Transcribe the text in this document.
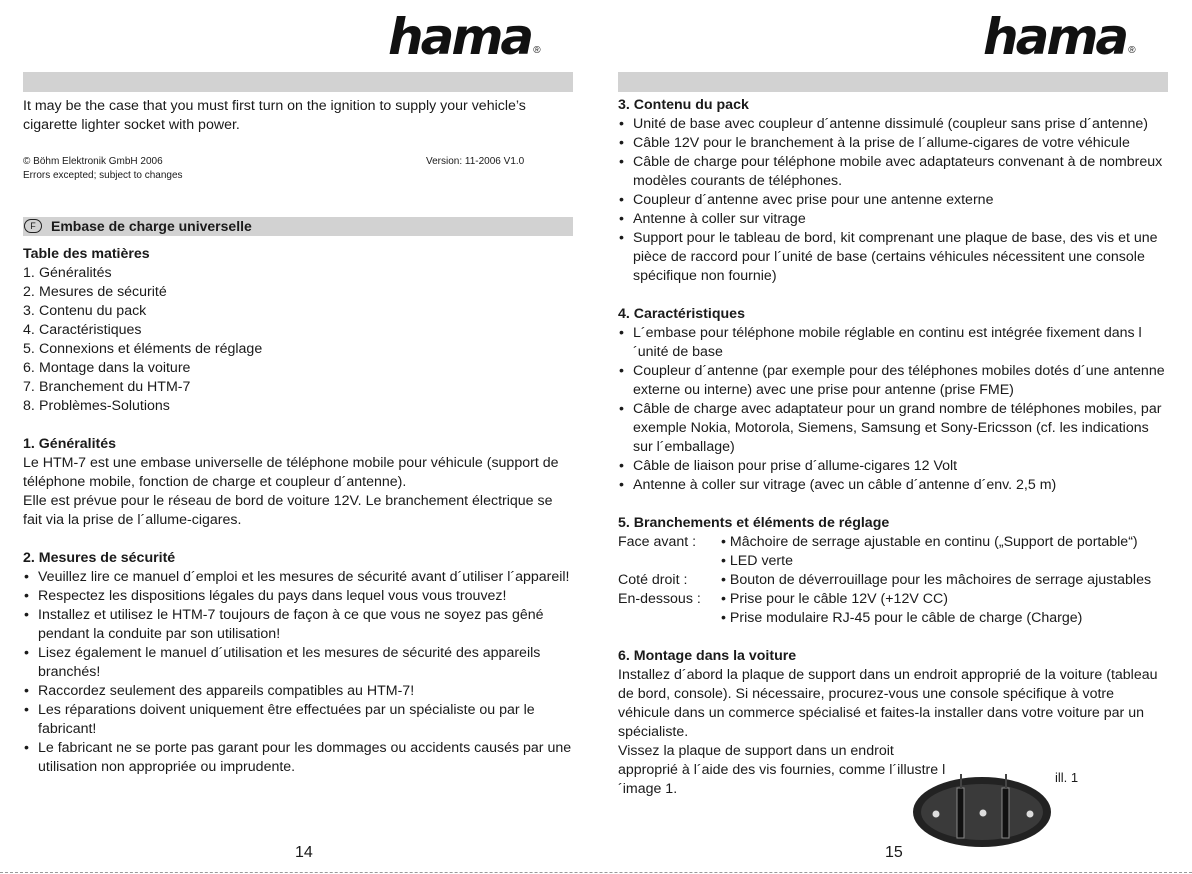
hama ®

It may be the case that you must first turn on the ignition to supply your vehicle’s cigarette lighter socket with power.

© Böhm Elektronik GmbH 2006	Version: 11-2006 V1.0
Errors excepted; subject to changes
F Embase de charge universelle

Table des matières

1. Généralités
2. Mesures de sécurité
3. Contenu du pack
4. Caractéristiques
5. Connexions et éléments de réglage
6. Montage dans la voiture
7. Branchement du HTM-7
8. Problèmes-Solutions

1. Généralités

Le HTM-7 est une embase universelle de téléphone mobile pour véhicule (support de téléphone mobile, fonction de charge et coupleur d´antenne).

Elle est prévue pour le réseau de bord de voiture 12V. Le branchement électrique se fait via la prise de l´allume-cigares.

2. Mesures de sécurité

• Veuillez lire ce manuel d´emploi et les mesures de sécurité avant d´utiliser l´appareil!
• Respectez les dispositions légales du pays dans lequel vous vous trouvez!
• Installez et utilisez le HTM-7 toujours de façon à ce que vous ne soyez pas gêné pendant la conduite par son utilisation!
• Lisez également le manuel d´utilisation et les mesures de sécurité des appareils branchés!
• Raccordez seulement des appareils compatibles au HTM-7!
• Les réparations doivent uniquement être effectuées par un spécialiste ou par le fabricant!
• Le fabricant ne se porte pas garant pour les dommages ou accidents causés par une utilisation non appropriée ou imprudente.
14
hama ®

3. Contenu du pack

• Unité de base avec coupleur d´antenne dissimulé (coupleur sans prise d´antenne)
• Câble 12V pour le branchement à la prise de l´allume-cigares de votre véhicule
• Câble de charge pour téléphone mobile avec adaptateurs convenant à de nombreux modèles courants de téléphones.
• Coupleur d´antenne avec prise pour une antenne externe
• Antenne à coller sur vitrage
• Support pour le tableau de bord, kit comprenant une plaque de base, des vis et une pièce de raccord pour l´unité de base (certains véhicules nécessitent une console spécifique non fournie)

4. Caractéristiques

• L´embase pour téléphone mobile réglable en continu est intégrée fixement dans l´unité de base
• Coupleur d´antenne (par exemple pour des téléphones mobiles dotés d´une antenne externe ou interne) avec une prise pour antenne (prise FME)
• Câble de charge avec adaptateur pour un grand nombre de téléphones mobiles, par exemple Nokia, Motorola, Siemens, Samsung et Sony-Ericsson (cf. les indications sur l´emballage)
• Câble de liaison pour prise d´allume-cigares 12 Volt
• Antenne à coller sur vitrage (avec un câble d´antenne d´env. 2,5 m)

5. Branchements et éléments de réglage

Face avant :	• Mâchoire de serrage ajustable en continu („Support de portable“)
• LED verte
Coté droit :	• Bouton de déverrouillage pour les mâchoires de serrage ajustables
En-dessous :	• Prise pour le câble 12V (+12V CC)
• Prise modulaire RJ-45 pour le câble de charge (Charge)

6. Montage dans la voiture

Installez d´abord la plaque de support dans un endroit approprié de la voiture (tableau de bord, console). Si nécessaire, procurez-vous une console spécifique à votre véhicule dans un commerce spécialisé et faites-la installer dans votre voiture par un spécialiste.

Vissez la plaque de support dans un endroit approprié à l´aide des vis fournies, comme l´illustre l´image 1.

ill. 1
15
